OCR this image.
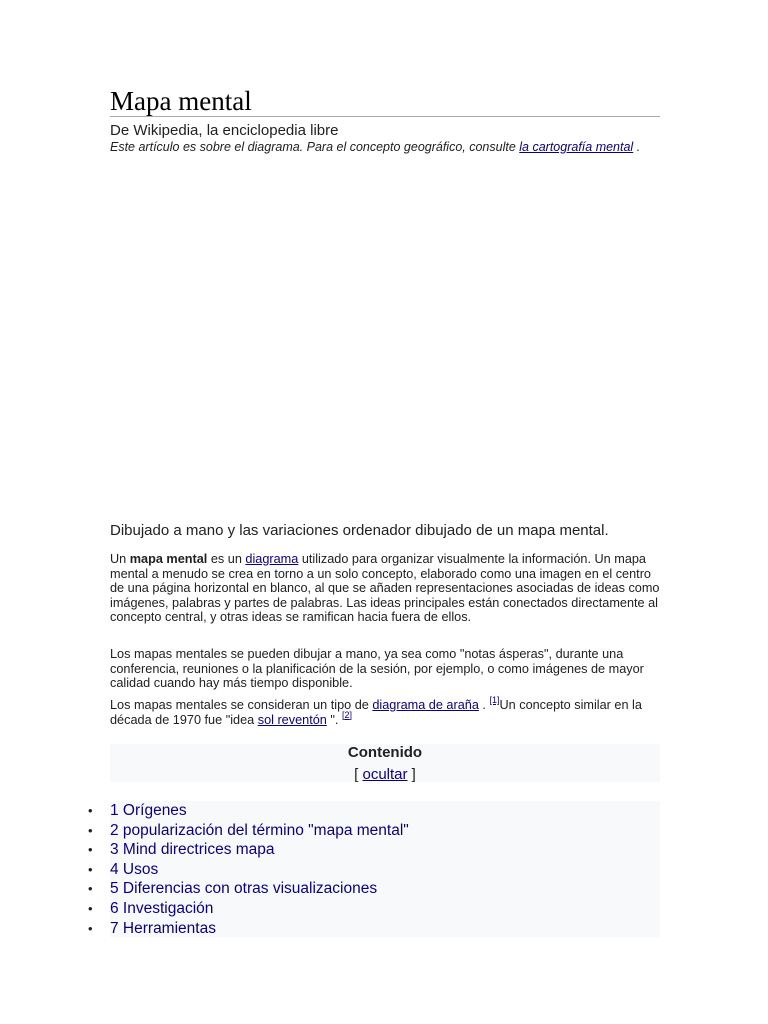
Mapa mental
De Wikipedia, la enciclopedia libre
Este artículo es sobre el diagrama. Para el concepto geográfico, consulte la cartografía mental .
Dibujado a mano y las variaciones ordenador dibujado de un mapa mental.

Un mapa mental es un diagrama utilizado para organizar visualmente la información. Un mapa mental a menudo se crea en torno a un solo concepto, elaborado como una imagen en el centro de una página horizontal en blanco, al que se añaden representaciones asociadas de ideas como imágenes, palabras y partes de palabras. Las ideas principales están conectados directamente al concepto central, y otras ideas se ramifican hacia fuera de ellos.

Los mapas mentales se pueden dibujar a mano, ya sea como "notas ásperas", durante una conferencia, reuniones o la planificación de la sesión, por ejemplo, o como imágenes de mayor calidad cuando hay más tiempo disponible.

Los mapas mentales se consideran un tipo de diagrama de araña . [1]Un concepto similar en la década de 1970 fue "idea sol reventón ". [2]

Contenido
[ ocultar ]
• 1 Orígenes
• 2 popularización del término "mapa mental"
• 3 Mind directrices mapa
• 4 Usos
• 5 Diferencias con otras visualizaciones
• 6 Investigación
• 7 Herramientas
